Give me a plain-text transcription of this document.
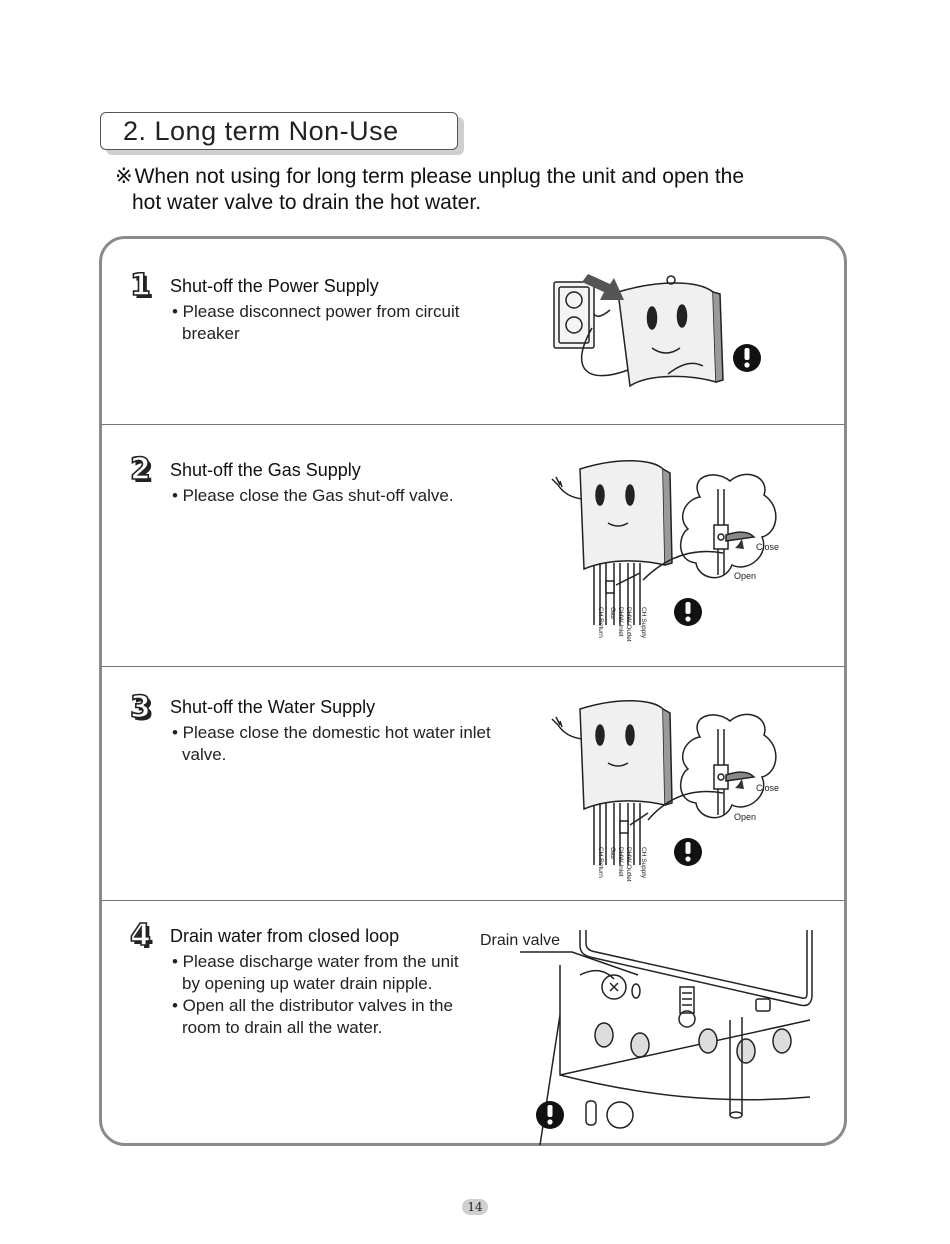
2. Long term Non-Use
※When not using for long term please unplug the unit and open the
hot water valve to drain the hot water.
1 Shut-off the Power Supply
• Please disconnect power from circuit breaker
2 Shut-off the Gas Supply
• Please close the Gas shut-off valve.
Close
Open
CH Return Gas DHW Inlet DHW Outlet CH Supply
3 Shut-off the Water Supply
• Please close the domestic hot water inlet valve.
Close
Open
CH Return Gas DHW Inlet DHW Outlet CH Supply
4 Drain water from closed loop
• Please discharge water from the unit by opening up water drain nipple.
• Open all the distributor valves in the room to drain all the water.
Drain valve
14
